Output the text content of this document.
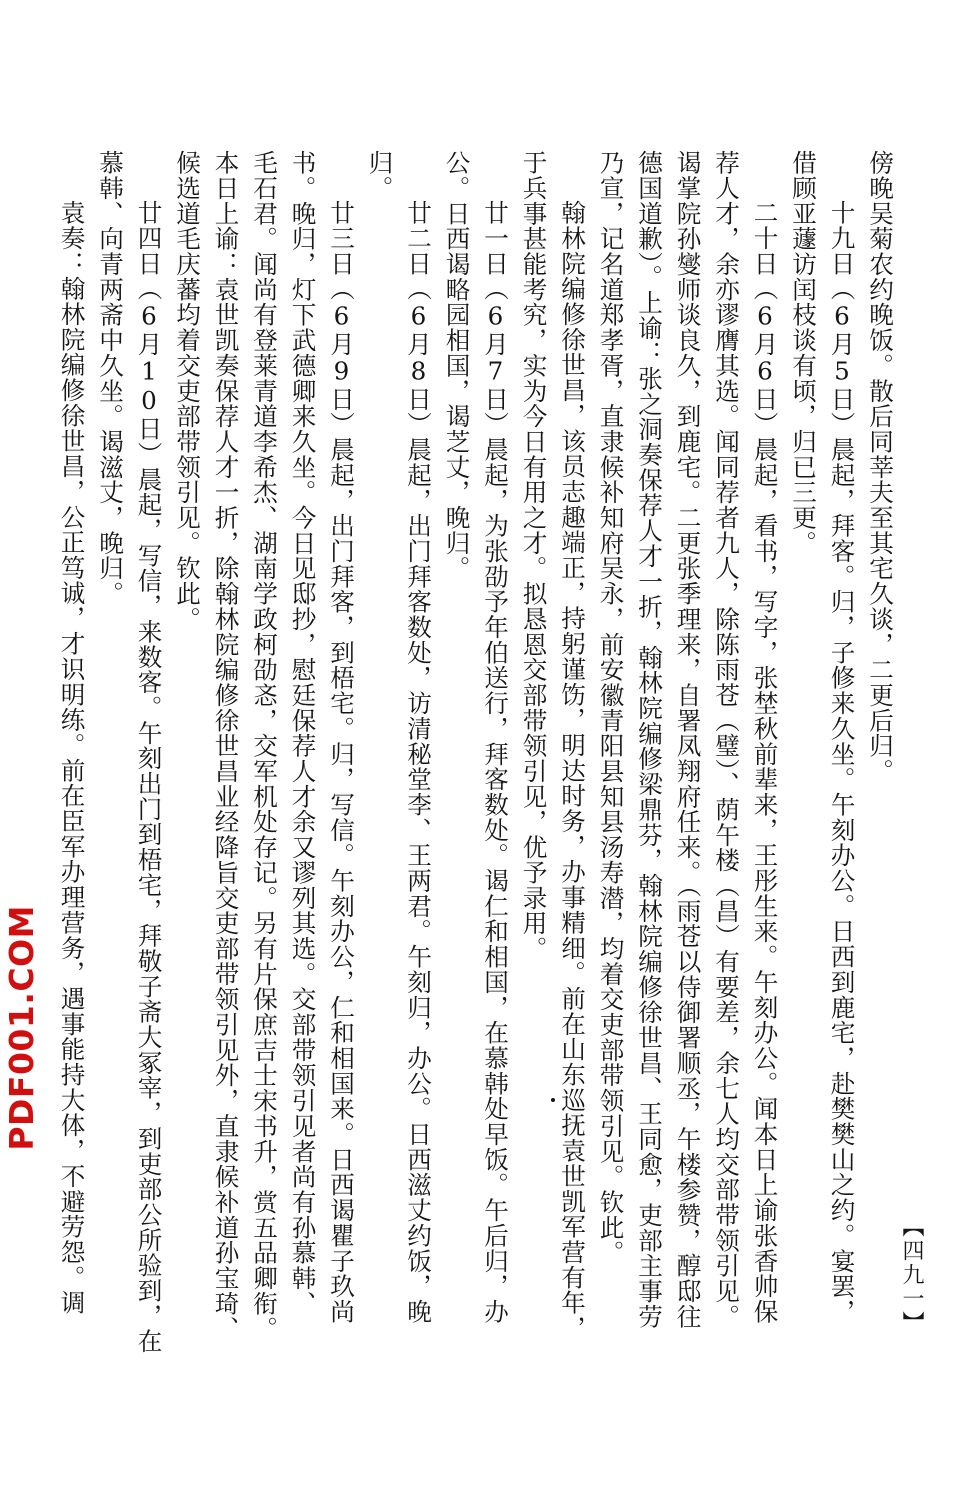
傍晚吴菊农约晚饭。散后同莘夫至其宅久谈，二更后归。
十九日（6月5日）晨起，拜客。归，子修来久坐。午刻办公。日西到鹿宅，赴樊樊山之约。宴罢，
借顾亚蘧访闰枝谈有顷，归已三更。
二十日（6月6日）晨起，看书，写字，张埜秋前辈来，王彤生来。午刻办公。闻本日上谕张香帅保
荐人才，余亦谬膺其选。闻同荐者九人，除陈雨苍（璧）、荫午楼（昌）有要差，余七人均交部带领引见。
谒掌院孙燮师谈良久，到鹿宅。二更张季理来，自署凤翔府任来。（雨苍以侍御署顺丞，午楼参赞，醇邸往
德国道歉）。上谕：张之洞奏保荐人才一折，翰林院编修梁鼎芬，翰林院编修徐世昌、王同愈，吏部主事劳
乃宣，记名道郑孝胥，直隶候补知府吴永，前安徽青阳县知县汤寿潜，均着交吏部带领引见。钦此。
翰林院编修徐世昌，该员志趣端正，持躬谨饬，明达时务，办事精细。前在山东巡抚袁世凯军营有年，
于兵事甚能考究，实为今日有用之才。拟恳恩交部带领引见，优予录用。
廿一日（6月7日）晨起，为张劭予年伯送行，拜客数处。谒仁和相国，在慕韩处早饭。午后归，办
公。日西谒略园相国，谒芝丈，晚归。
廿二日（6月8日）晨起，出门拜客数处，访清秘堂李、王两君。午刻归，办公。日西滋丈约饭，晚
归。
廿三日（6月9日）晨起，出门拜客，到梧宅。归，写信。午刻办公，仁和相国来。日西谒瞿子玖尚
书。晚归，灯下武德卿来久坐。今日见邸抄，慰廷保荐人才余又谬列其选。交部带领引见者尚有孙慕韩、
毛石君。闻尚有登莱青道李希杰、湖南学政柯劭忞，交军机处存记。另有片保庶吉士宋书升，赏五品卿衔。
本日上谕：袁世凯奏保荐人才一折，除翰林院编修徐世昌业经降旨交吏部带领引见外，直隶候补道孙宝琦、
候选道毛庆蕃均着交吏部带领引见。钦此。
廿四日（6月10日）晨起，写信，来数客。午刻出门到梧宅，拜敬子斋大冢宰，到吏部公所验到，在
慕韩、向青两斋中久坐。谒滋丈，晚归。
袁奏：翰林院编修徐世昌，公正笃诚，才识明练。前在臣军办理营务，遇事能持大体，不避劳怨。调	【四九一】
PDF001.COM
